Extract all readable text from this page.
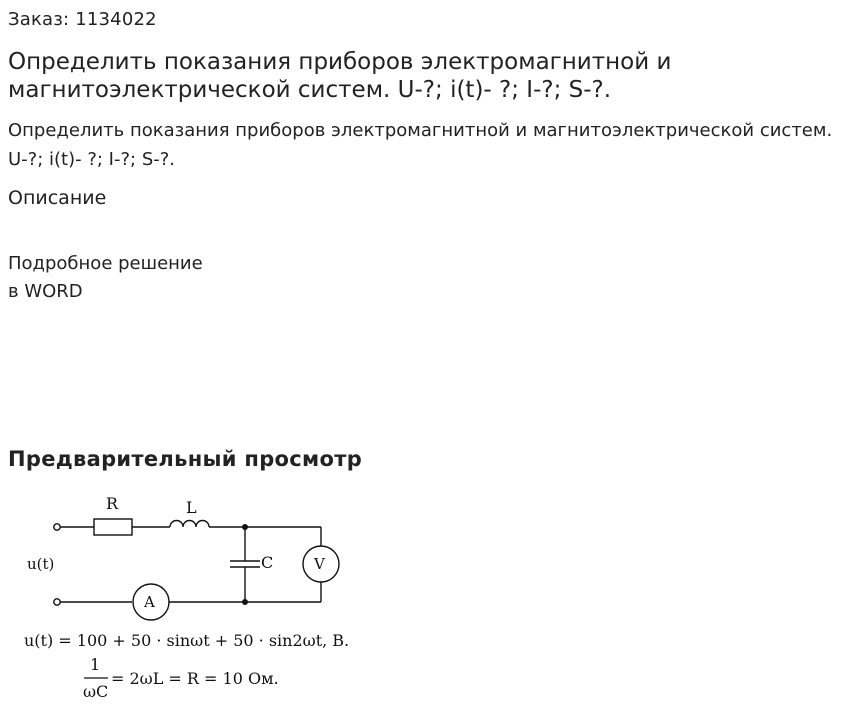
Заказ: 1134022
Определить показания приборов электромагнитной и магнитоэлектрической систем. U-?; i(t)- ?; I-?; S-?.
Определить показания приборов электромагнитной и магнитоэлектрической систем. U-?; i(t)- ?; I-?; S-?.
Описание
Подробное решение
в WORD
Предварительный просмотр
R	L
C	V
A
u(t)
u(t) = 100 + 50 · sinωt + 50 · sin2ωt, B.
1
ωC
= 2ωL = R = 10 Ом.
